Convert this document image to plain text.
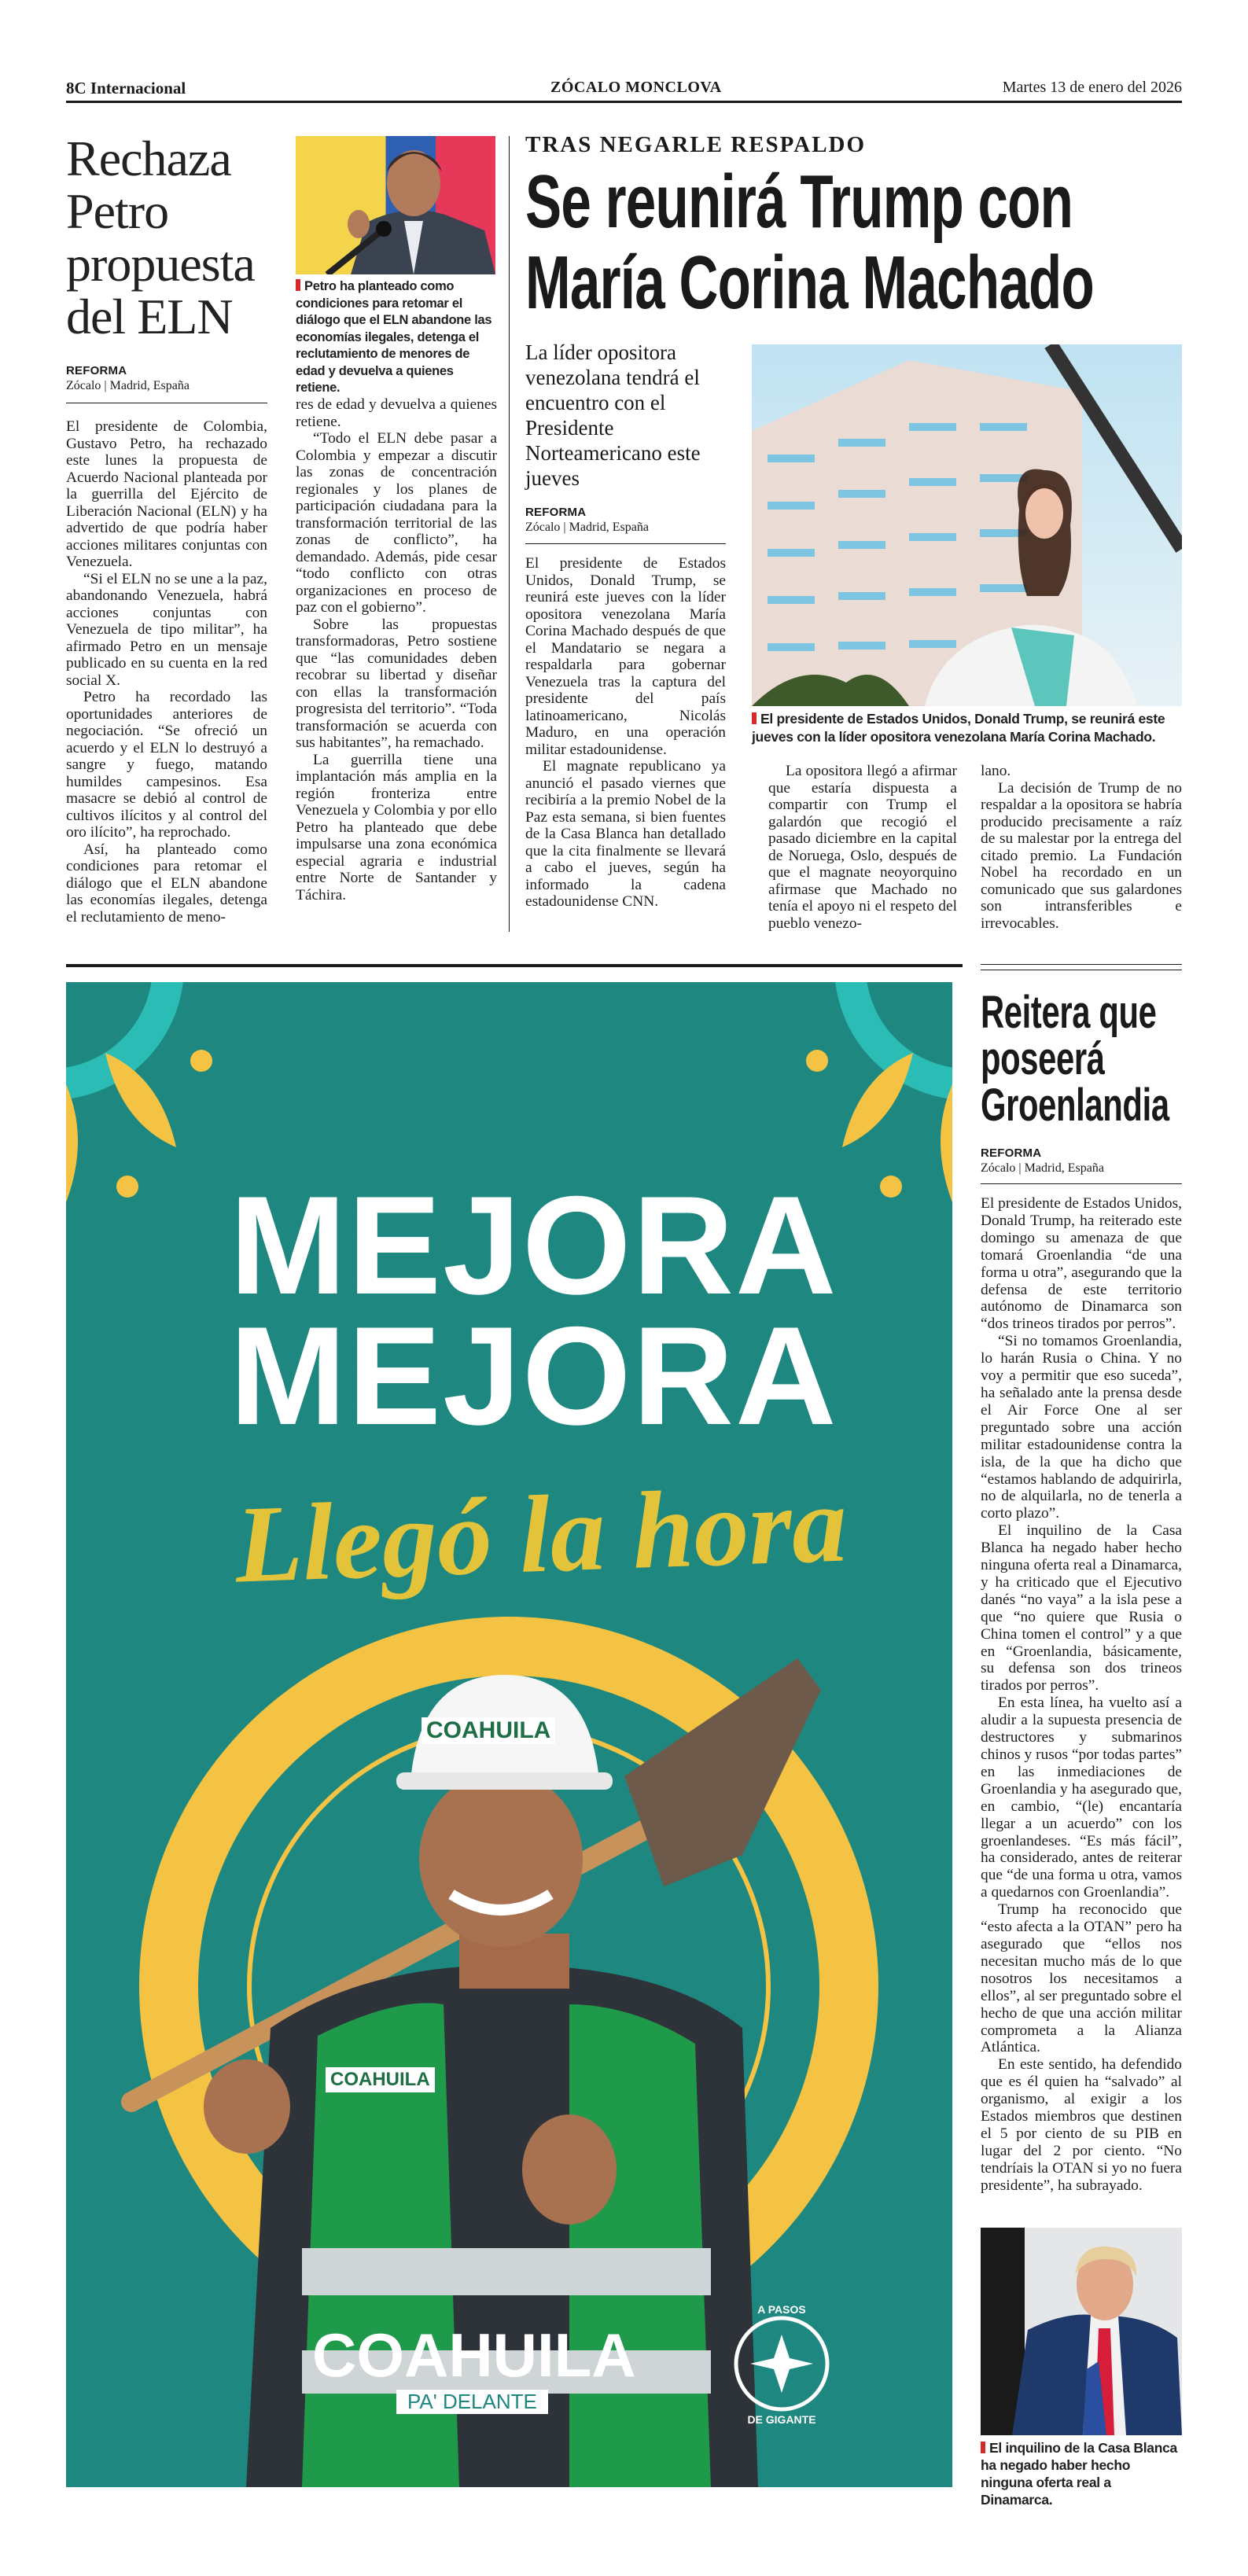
8C Internacional	ZÓCALO MONCLOVA	Martes 13 de enero del 2026
Rechaza
Petro
propuesta
del ELN
REFORMA
Zócalo | Madrid, España
Petro ha planteado como condiciones para retomar el diálogo que el ELN abandone las economías ilegales, detenga el reclutamiento de menores de edad y devuelva a quienes retiene.

El presidente de Colombia, Gustavo Petro, ha rechazado este lunes la propuesta de Acuerdo Nacional planteada por la guerrilla del Ejército de Liberación Nacional (ELN) y ha advertido de que podría haber acciones militares conjuntas con Venezuela.

“Si el ELN no se une a la paz, abandonando Venezuela, habrá acciones conjuntas con Venezuela de tipo militar”, ha afirmado Petro en un mensaje publicado en su cuenta en la red social X.

Petro ha recordado las oportunidades anteriores de negociación. “Se ofreció un acuerdo y el ELN lo destruyó a sangre y fuego, matando humildes campesinos. Esa masacre se debió al control de cultivos ilícitos y al control del oro ilícito”, ha reprochado.

Así, ha planteado como condiciones para retomar el diálogo que el ELN abandone las economías ilegales, detenga el reclutamiento de meno-

res de edad y devuelva a quienes retiene.

“Todo el ELN debe pasar a Colombia y empezar a discutir las zonas de concentración regionales y los planes de participación ciudadana para la transformación territorial de las zonas de conflicto”, ha demandado. Además, pide cesar “todo conflicto con otras organizaciones en proceso de paz con el gobierno”.

Sobre las propuestas transformadoras, Petro sostiene que “las comunidades deben recobrar su libertad y diseñar con ellas la transformación progresista del territorio”. “Toda transformación se acuerda con sus habitantes”, ha remachado.

La guerrilla tiene una implantación más amplia en la región fronteriza entre Venezuela y Colombia y por ello Petro ha planteado que debe impulsarse una zona económica especial agraria e industrial entre Norte de Santander y Táchira.

TRAS NEGARLE RESPALDO
Se reunirá Trump con
María Corina Machado
La líder opositora venezolana tendrá el encuentro con el Presidente Norteamericano este jueves
REFORMA
Zócalo | Madrid, España
El presidente de Estados Unidos, Donald Trump, se reunirá este jueves con la líder opositora venezolana María Corina Machado.

El presidente de Estados Unidos, Donald Trump, se reunirá este jueves con la líder opositora venezolana María Corina Machado después de que el Mandatario se negara a respaldarla para gobernar Venezuela tras la captura del presidente del país latinoamericano, Nicolás Maduro, en una operación militar estadounidense.

El magnate republicano ya anunció el pasado viernes que recibiría a la premio Nobel de la Paz esta semana, si bien fuentes de la Casa Blanca han detallado que la cita finalmente se llevará a cabo el jueves, según ha informado la cadena estadounidense CNN.

La opositora llegó a afirmar que estaría dispuesta a compartir con Trump el galardón que recogió el pasado diciembre en la capital de Noruega, Oslo, después de que el magnate neoyorquino afirmase que Machado no tenía el apoyo ni el respeto del pueblo venezo-

lano.

La decisión de Trump de no respaldar a la opositora se habría producido precisamente a raíz de su malestar por la entrega del citado premio. La Fundación Nobel ha recordado en un comunicado que sus galardones son intransferibles e irrevocables.

COAHUILA
COAHUILA
MEJORA
MEJORA
Llegó la hora
COAHUILA
PA' DELANTE
A PASOS
DE GIGANTE
Reitera que
poseerá
Groenlandia
REFORMA
Zócalo | Madrid, España

El presidente de Estados Unidos, Donald Trump, ha reiterado este domingo su amenaza de que tomará Groenlandia “de una forma u otra”, asegurando que la defensa de este territorio autónomo de Dinamarca son “dos trineos tirados por perros”.

“Si no tomamos Groenlandia, lo harán Rusia o China. Y no voy a permitir que eso suceda”, ha señalado ante la prensa desde el Air Force One al ser preguntado sobre una acción militar estadounidense contra la isla, de la que ha dicho que “estamos hablando de adquirirla, no de alquilarla, no de tenerla a corto plazo”.

El inquilino de la Casa Blanca ha negado haber hecho ninguna oferta real a Dinamarca, y ha criticado que el Ejecutivo danés “no vaya” a la isla pese a que “no quiere que Rusia o China tomen el control” y a que en “Groenlandia, básicamente, su defensa son dos trineos tirados por perros”.

En esta línea, ha vuelto así a aludir a la supuesta presencia de destructores y submarinos chinos y rusos “por todas partes” en las inmediaciones de Groenlandia y ha asegurado que, en cambio, “(le) encantaría llegar a un acuerdo” con los groenlandeses. “Es más fácil”, ha considerado, antes de reiterar que “de una forma u otra, vamos a quedarnos con Groenlandia”.

Trump ha reconocido que “esto afecta a la OTAN” pero ha asegurado que “ellos nos necesitan mucho más de lo que nosotros los necesitamos a ellos”, al ser preguntado sobre el hecho de que una acción militar comprometa a la Alianza Atlántica.

En este sentido, ha defendido que es él quien ha “salvado” al organismo, al exigir a los Estados miembros que destinen el 5 por ciento de su PIB en lugar del 2 por ciento. “No tendríais la OTAN si yo no fuera presidente”, ha subrayado.

El inquilino de la Casa Blanca ha negado haber hecho ninguna oferta real a Dinamarca.
